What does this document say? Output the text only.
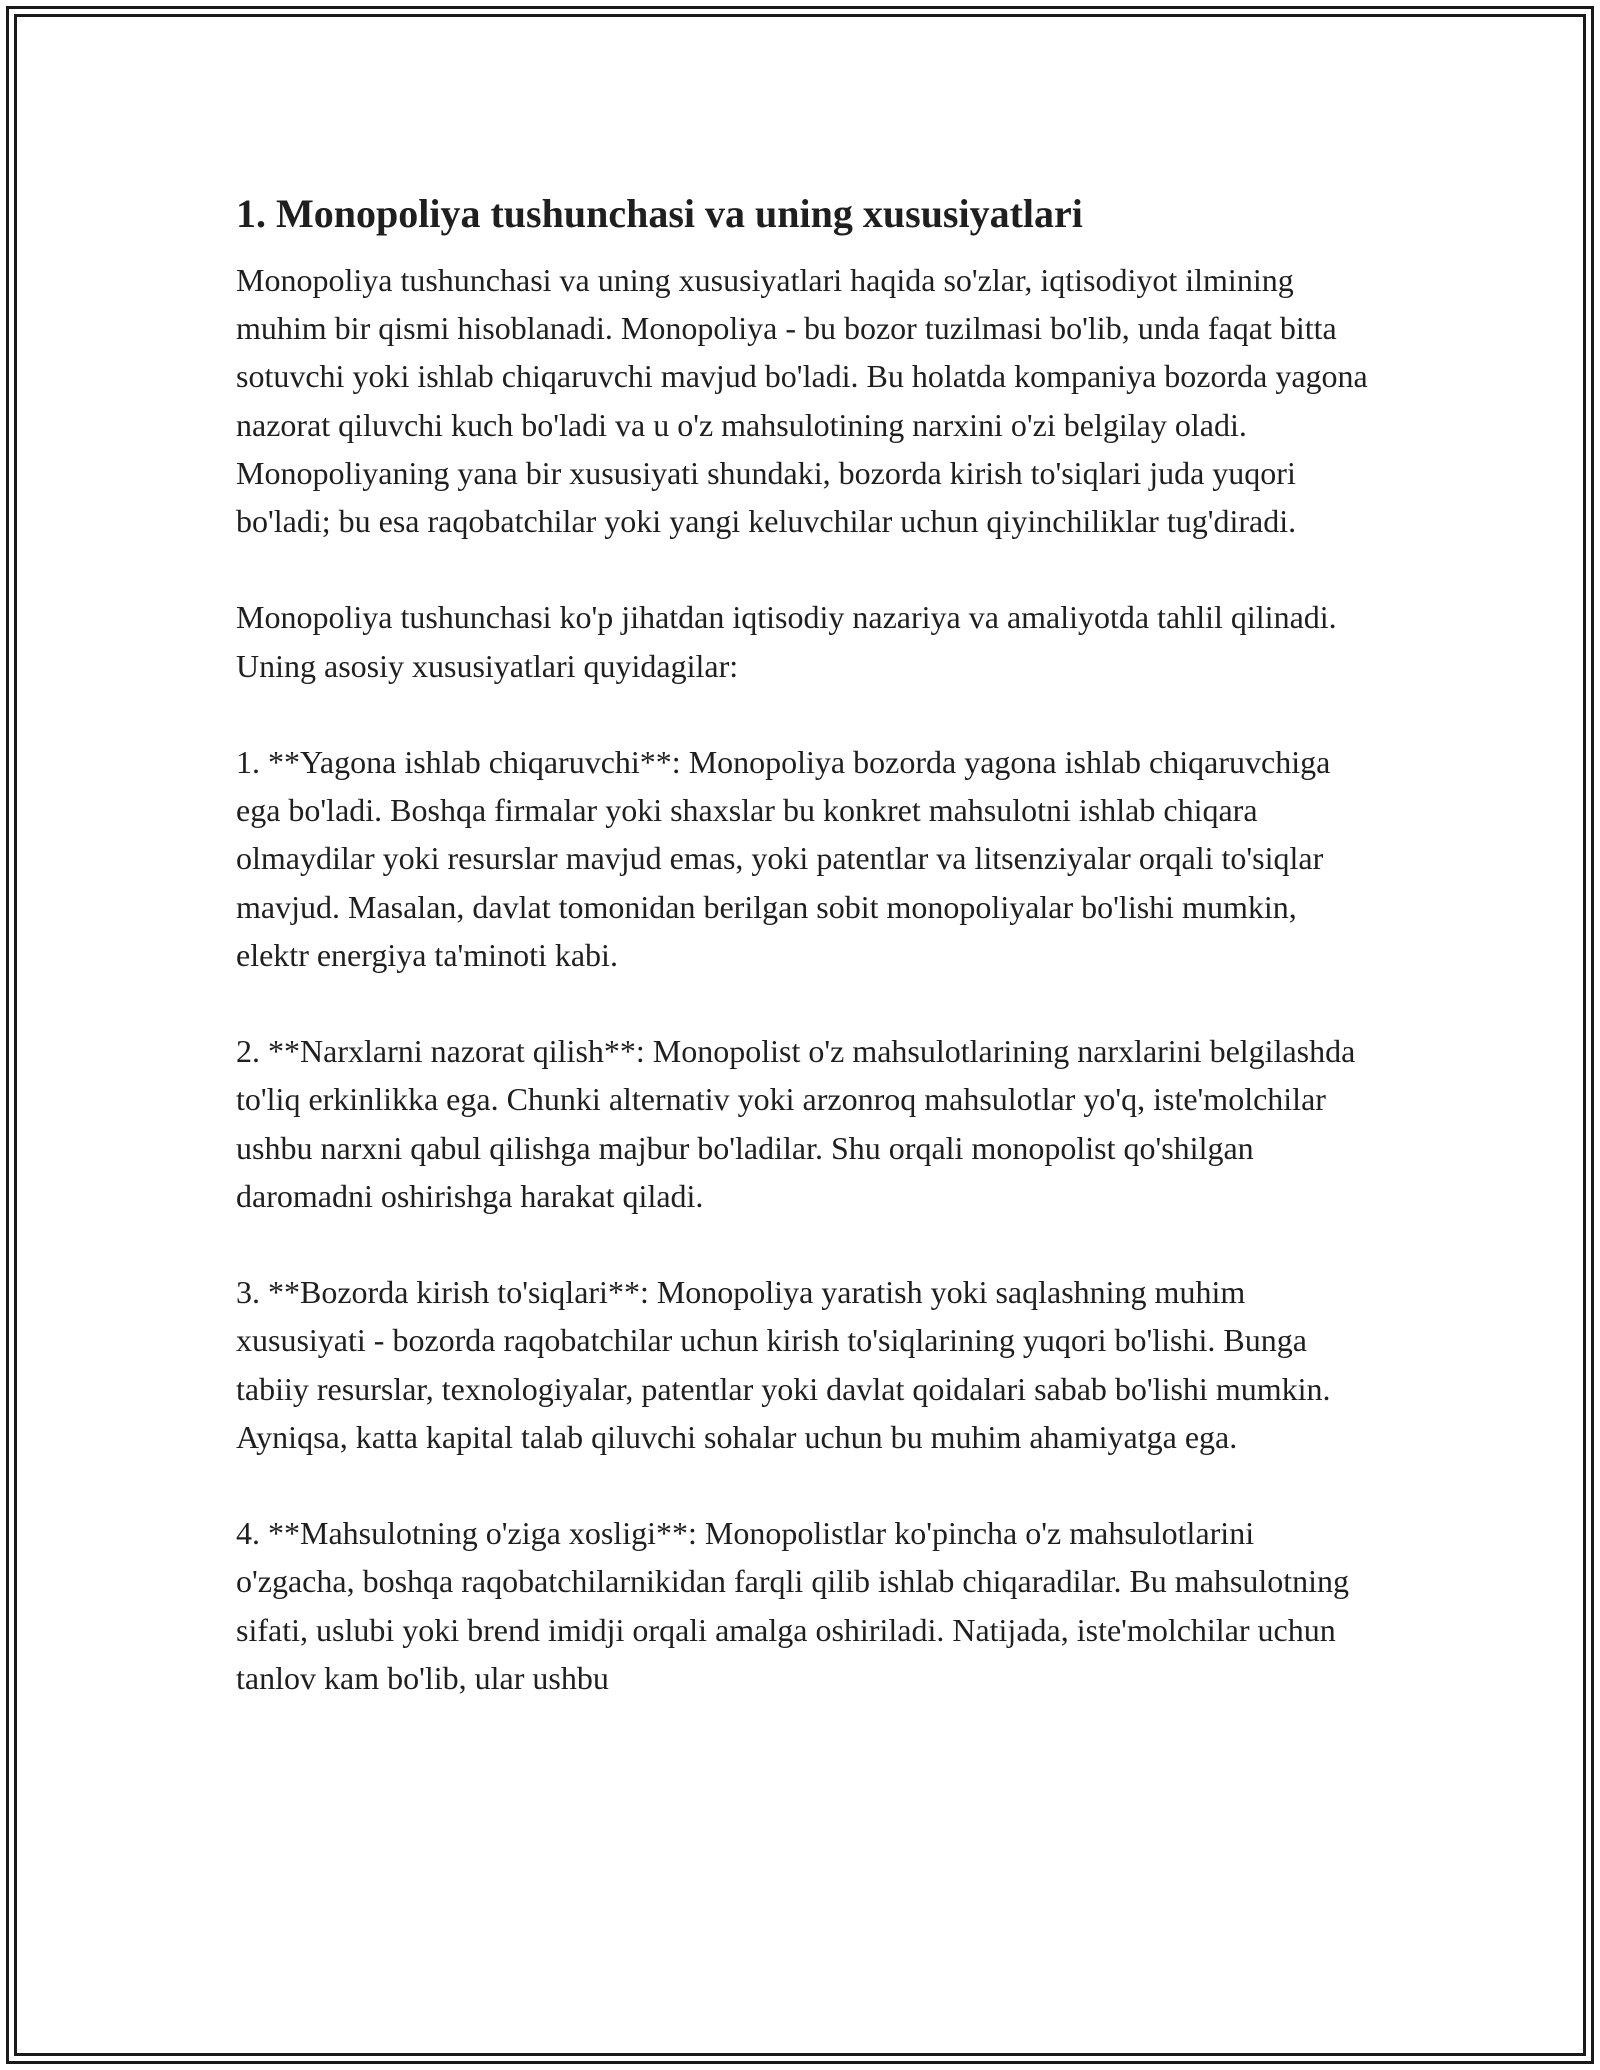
1. Monopoliya tushunchasi va uning xususiyatlari

Monopoliya tushunchasi va uning xususiyatlari haqida so'zlar, iqtisodiyot ilmining muhim bir qismi hisoblanadi. Monopoliya - bu bozor tuzilmasi bo'lib, unda faqat bitta sotuvchi yoki ishlab chiqaruvchi mavjud bo'ladi. Bu holatda kompaniya bozorda yagona nazorat qiluvchi kuch bo'ladi va u o'z mahsulotining narxini o'zi belgilay oladi. Monopoliyaning yana bir xususiyati shundaki, bozorda kirish to'siqlari juda yuqori bo'ladi; bu esa raqobatchilar yoki yangi keluvchilar uchun qiyinchiliklar tug'diradi.

Monopoliya tushunchasi ko'p jihatdan iqtisodiy nazariya va amaliyotda tahlil qilinadi. Uning asosiy xususiyatlari quyidagilar:

1. **Yagona ishlab chiqaruvchi**: Monopoliya bozorda yagona ishlab chiqaruvchiga ega bo'ladi. Boshqa firmalar yoki shaxslar bu konkret mahsulotni ishlab chiqara olmaydilar yoki resurslar mavjud emas, yoki patentlar va litsenziyalar orqali to'siqlar mavjud. Masalan, davlat tomonidan berilgan sobit monopoliyalar bo'lishi mumkin, elektr energiya ta'minoti kabi.

2. **Narxlarni nazorat qilish**: Monopolist o'z mahsulotlarining narxlarini belgilashda to'liq erkinlikka ega. Chunki alternativ yoki arzonroq mahsulotlar yo'q, iste'molchilar ushbu narxni qabul qilishga majbur bo'ladilar. Shu orqali monopolist qo'shilgan daromadni oshirishga harakat qiladi.

3. **Bozorda kirish to'siqlari**: Monopoliya yaratish yoki saqlashning muhim xususiyati - bozorda raqobatchilar uchun kirish to'siqlarining yuqori bo'lishi. Bunga tabiiy resurslar, texnologiyalar, patentlar yoki davlat qoidalari sabab bo'lishi mumkin. Ayniqsa, katta kapital talab qiluvchi sohalar uchun bu muhim ahamiyatga ega.

4. **Mahsulotning o'ziga xosligi**: Monopolistlar ko'pincha o'z mahsulotlarini o'zgacha, boshqa raqobatchilarnikidan farqli qilib ishlab chiqaradilar. Bu mahsulotning sifati, uslubi yoki brend imidji orqali amalga oshiriladi. Natijada, iste'molchilar uchun tanlov kam bo'lib, ular ushbu
